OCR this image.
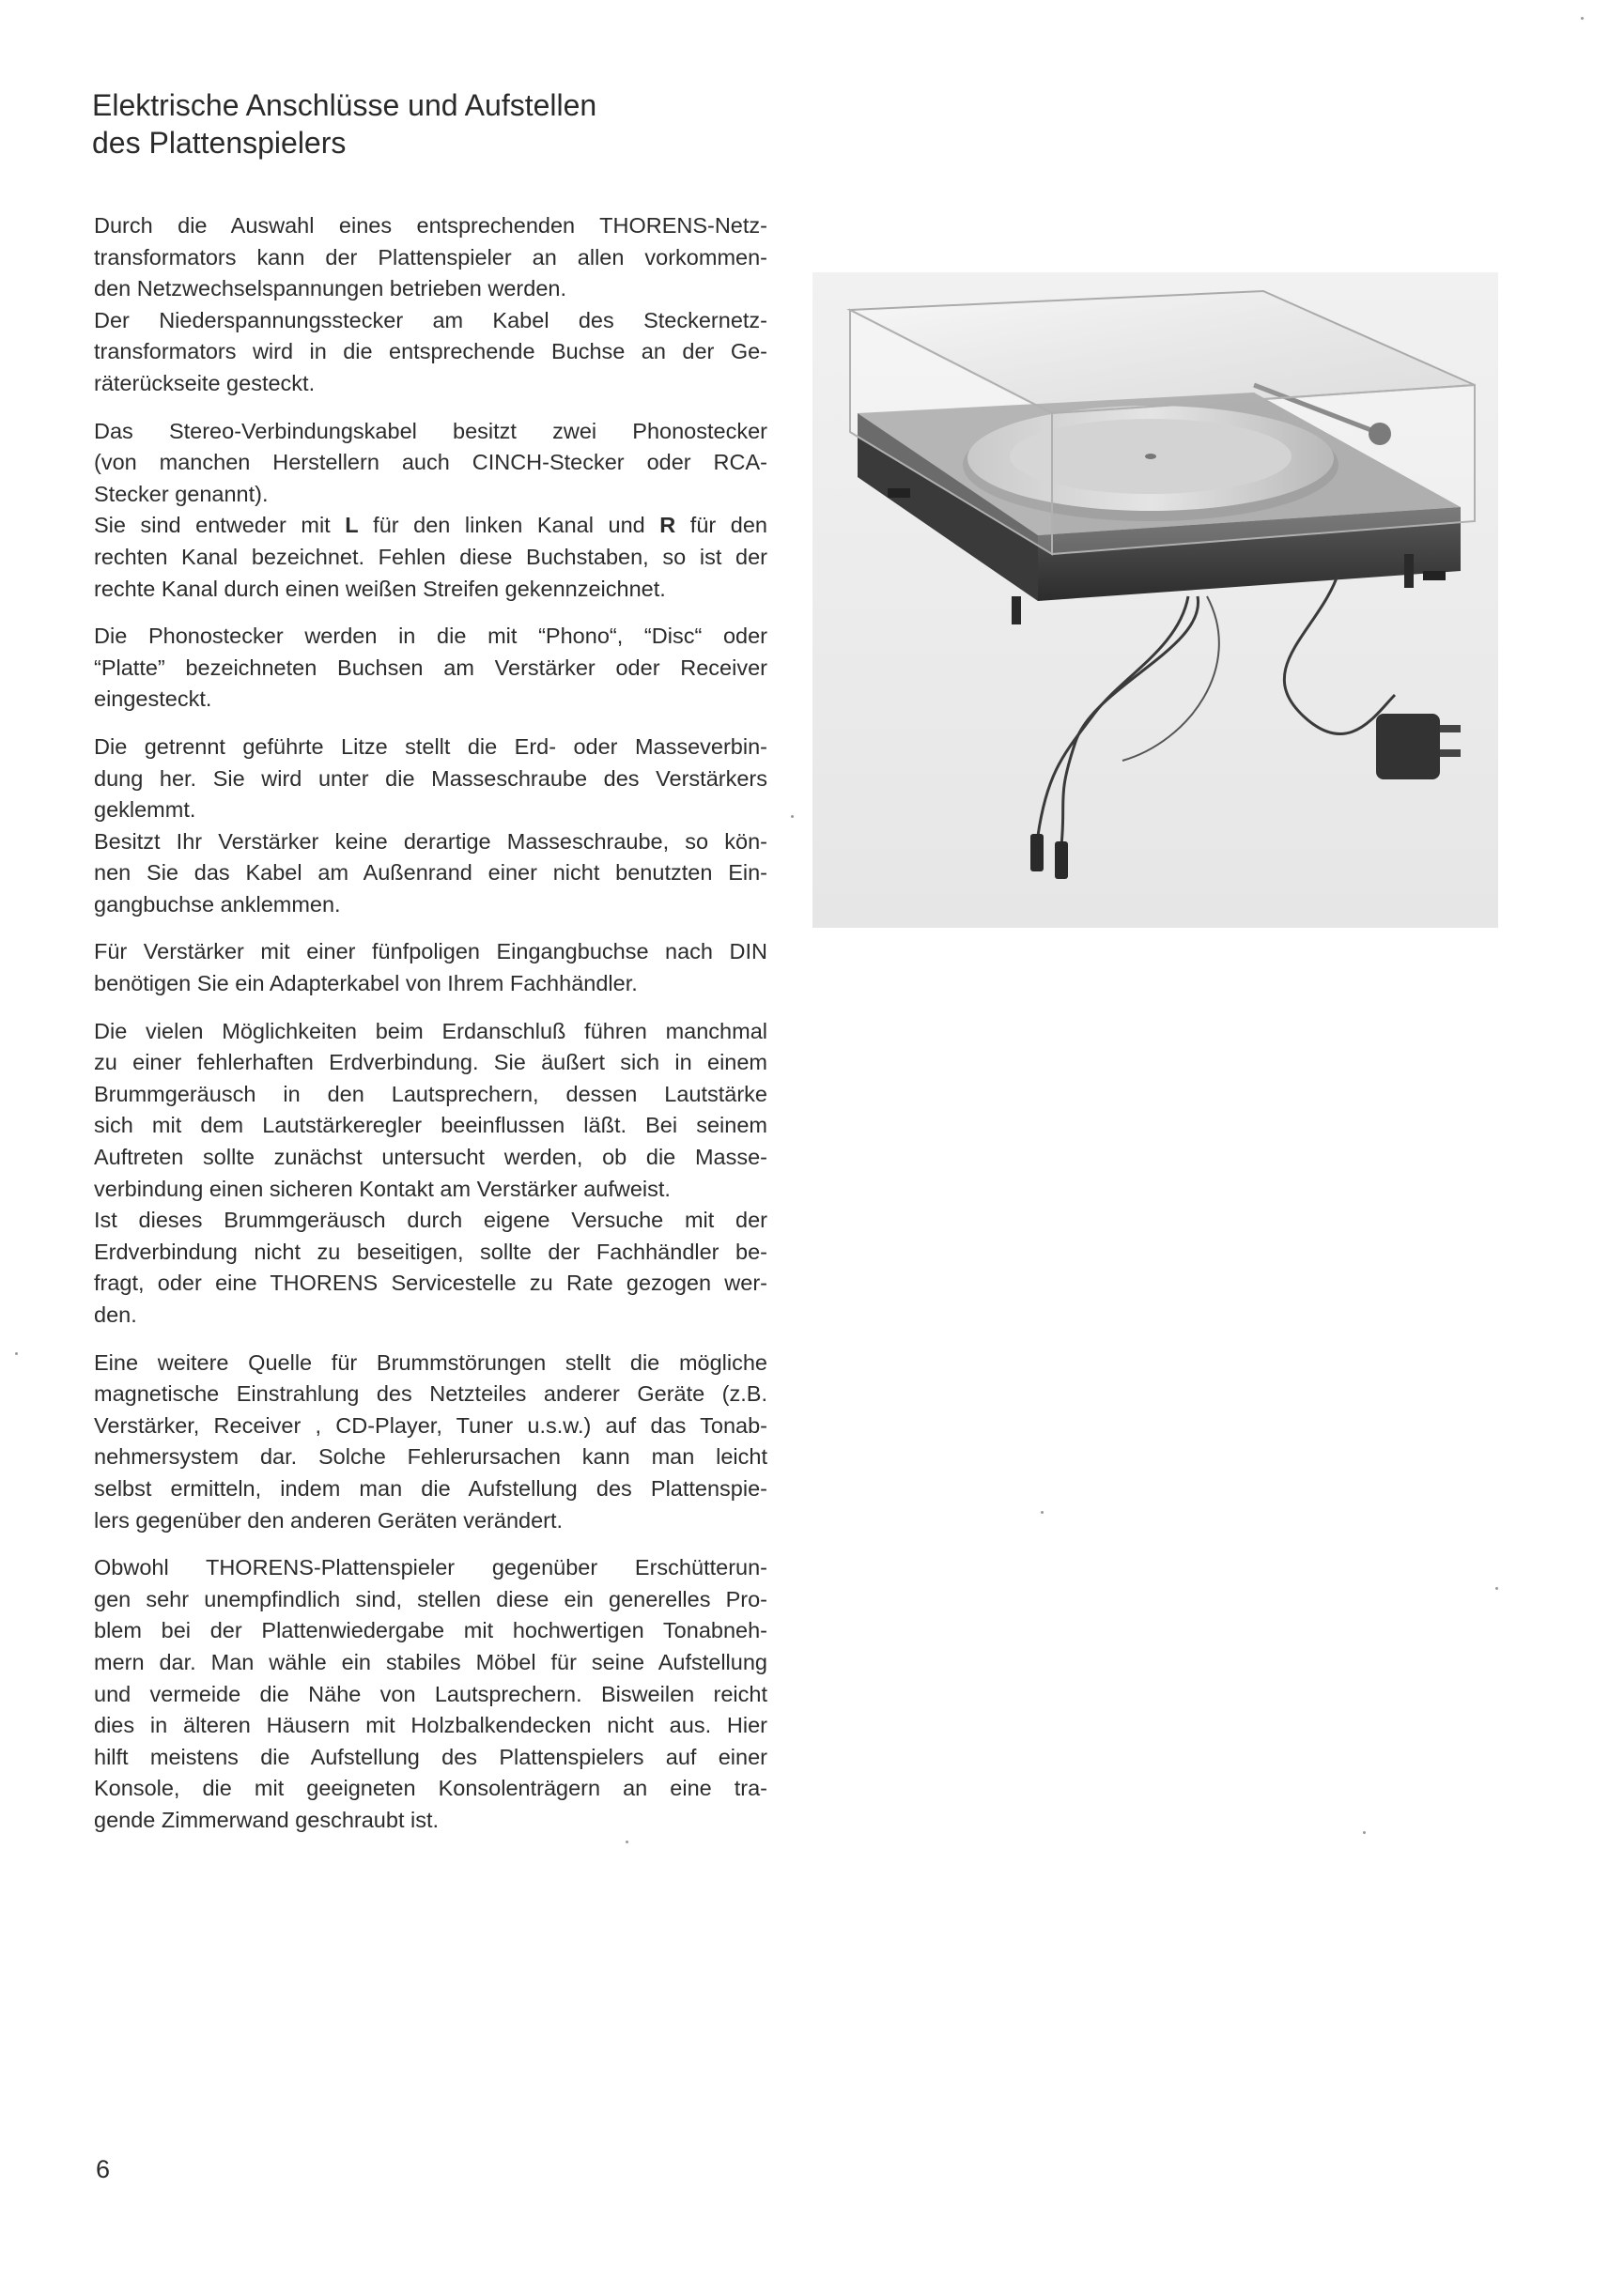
Elektrische Anschlüsse und Aufstellen
des Plattenspielers

Durch die Auswahl eines entsprechenden THORENS-Netz-
transformators kann der Plattenspieler an allen vorkommen-
den Netzwechselspannungen betrieben werden.
Der Niederspannungsstecker am Kabel des Steckernetz-
transformators wird in die entsprechende Buchse an der Ge-
räterückseite gesteckt.

Das Stereo-Verbindungskabel besitzt zwei Phonostecker
(von manchen Herstellern auch CINCH-Stecker oder RCA-
Stecker genannt).
Sie sind entweder mit L für den linken Kanal und R für den
rechten Kanal bezeichnet. Fehlen diese Buchstaben, so ist der
rechte Kanal durch einen weißen Streifen gekennzeichnet.

Die Phonostecker werden in die mit “Phono“, “Disc“ oder
“Platte” bezeichneten Buchsen am Verstärker oder Receiver
eingesteckt.

Die getrennt geführte Litze stellt die Erd- oder Masseverbin-
dung her. Sie wird unter die Masseschraube des Verstärkers
geklemmt.
Besitzt Ihr Verstärker keine derartige Masseschraube, so kön-
nen Sie das Kabel am Außenrand einer nicht benutzten Ein-
gangbuchse anklemmen.

Für Verstärker mit einer fünfpoligen Eingangbuchse nach DIN
benötigen Sie ein Adapterkabel von Ihrem Fachhändler.

Die vielen Möglichkeiten beim Erdanschluß führen manchmal
zu einer fehlerhaften Erdverbindung. Sie äußert sich in einem
Brummgeräusch in den Lautsprechern, dessen Lautstärke
sich mit dem Lautstärkeregler beeinflussen läßt. Bei seinem
Auftreten sollte zunächst untersucht werden, ob die Masse-
verbindung einen sicheren Kontakt am Verstärker aufweist.
Ist dieses Brummgeräusch durch eigene Versuche mit der
Erdverbindung nicht zu beseitigen, sollte der Fachhändler be-
fragt, oder eine THORENS Servicestelle zu Rate gezogen wer-
den.

Eine weitere Quelle für Brummstörungen stellt die mögliche
magnetische Einstrahlung des Netzteiles anderer Geräte (z.B.
Verstärker, Receiver , CD-Player, Tuner u.s.w.) auf das Tonab-
nehmersystem dar. Solche Fehlerursachen kann man leicht
selbst ermitteln, indem man die Aufstellung des Plattenspie-
lers gegenüber den anderen Geräten verändert.

Obwohl THORENS-Plattenspieler gegenüber Erschütterun-
gen sehr unempfindlich sind, stellen diese ein generelles Pro-
blem bei der Plattenwiedergabe mit hochwertigen Tonabneh-
mern dar. Man wähle ein stabiles Möbel für seine Aufstellung
und vermeide die Nähe von Lautsprechern. Bisweilen reicht
dies in älteren Häusern mit Holzbalkendecken nicht aus. Hier
hilft meistens die Aufstellung des Plattenspielers auf einer
Konsole, die mit geeigneten Konsolenträgern an eine tra-
gende Zimmerwand geschraubt ist.

6
